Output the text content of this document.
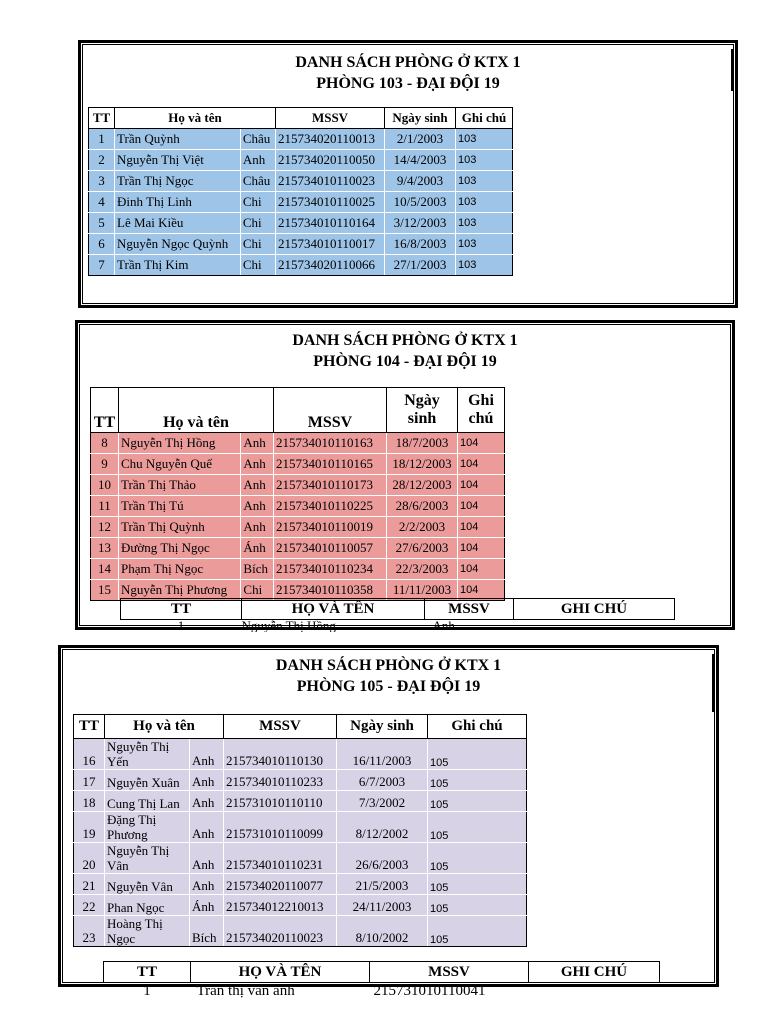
DANH SÁCH PHÒNG Ở KTX 1
PHÒNG 103 - ĐẠI ĐỘI 19
TT	Họ và tên		MSSV	Ngày sinh	Ghi chú
1	Trần Quỳnh	Châu	215734020110013	2/1/2003	103
2	Nguyễn Thị Việt	Anh	215734020110050	14/4/2003	103
3	Trần Thị Ngọc	Châu	215734010110023	9/4/2003	103
4	Đinh Thị Linh	Chi	215734010110025	10/5/2003	103
5	Lê Mai Kiều	Chi	215734010110164	3/12/2003	103
6	Nguyễn Ngọc Quỳnh	Chi	215734010110017	16/8/2003	103
7	Trần Thị Kim	Chi	215734020110066	27/1/2003	103
DANH SÁCH PHÒNG Ở KTX 1
PHÒNG 104 - ĐẠI ĐỘI 19
TT	Họ và tên		MSSV	Ngày sinh	Ghi chú
8	Nguyễn Thị Hồng	Anh	215734010110163	18/7/2003	104
9	Chu Nguyễn Quế	Anh	215734010110165	18/12/2003	104
10	Trần Thị Thảo	Anh	215734010110173	28/12/2003	104
11	Trần Thị Tú	Anh	215734010110225	28/6/2003	104
12	Trần Thị Quỳnh	Anh	215734010110019	2/2/2003	104
13	Đường Thị Ngọc	Ánh	215734010110057	27/6/2003	104
14	Phạm Thị Ngọc	Bích	215734010110234	22/3/2003	104
15	Nguyễn Thị Phương	Chi	215734010110358	11/11/2003	104
TT	HỌ VÀ TÊN	MSSV	GHI CHÚ
1	Nguyễn Thị Hồng	Anh	
DANH SÁCH PHÒNG Ở KTX 1
PHÒNG 105 - ĐẠI ĐỘI 19
TT	Họ và tên		MSSV	Ngày sinh	Ghi chú
16	Nguyễn Thị Yến	Anh	215734010110130	16/11/2003	105
17	Nguyễn Xuân	Anh	215734010110233	6/7/2003	105
18	Cung Thị Lan	Anh	215731010110110	7/3/2002	105
19	Đặng Thị Phương	Anh	215731010110099	8/12/2002	105
20	Nguyễn Thị Vân	Anh	215734010110231	26/6/2003	105
21	Nguyễn Vân	Anh	215734020110077	21/5/2003	105
22	Phan Ngọc	Ánh	215734012210013	24/11/2003	105
23	Hoàng Thị Ngọc	Bích	215734020110023	8/10/2002	105
TT	HỌ VÀ TÊN	MSSV	GHI CHÚ
1	Trần thị vân anh	215731010110041	
